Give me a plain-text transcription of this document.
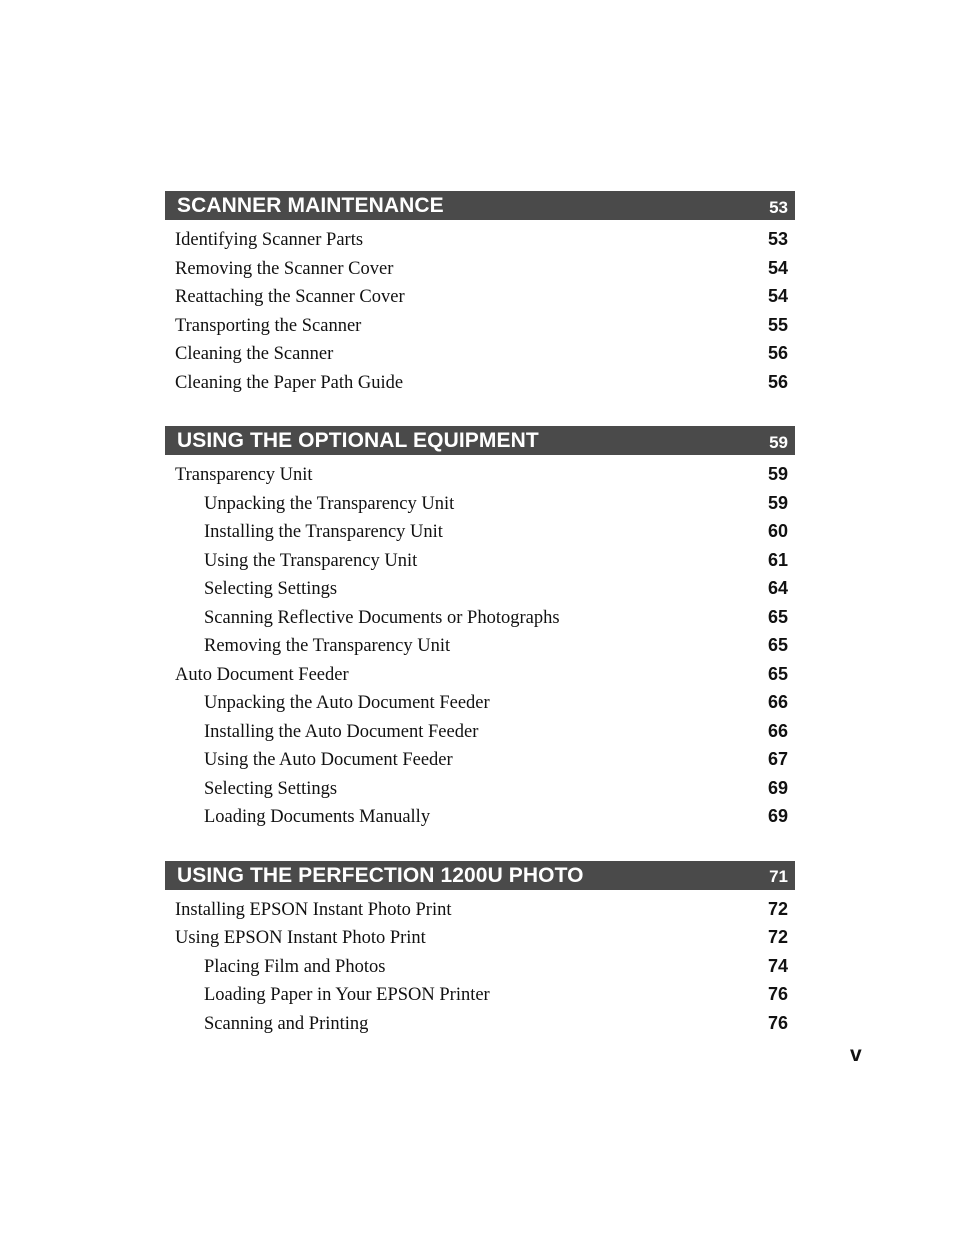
SCANNER MAINTENANCE	53
Identifying Scanner Parts	53
Removing the Scanner Cover	54
Reattaching the Scanner Cover	54
Transporting the Scanner	55
Cleaning the Scanner	56
Cleaning the Paper Path Guide	56
USING THE OPTIONAL EQUIPMENT	59
Transparency Unit	59
Unpacking the Transparency Unit	59
Installing the Transparency Unit	60
Using the Transparency Unit	61
Selecting Settings	64
Scanning Reflective Documents or Photographs	65
Removing the Transparency Unit	65
Auto Document Feeder	65
Unpacking the Auto Document Feeder	66
Installing the Auto Document Feeder	66
Using the Auto Document Feeder	67
Selecting Settings	69
Loading Documents Manually	69
USING THE PERFECTION 1200U PHOTO	71
Installing EPSON Instant Photo Print	72
Using EPSON Instant Photo Print	72
Placing Film and Photos	74
Loading Paper in Your EPSON Printer	76
Scanning and Printing	76
v
